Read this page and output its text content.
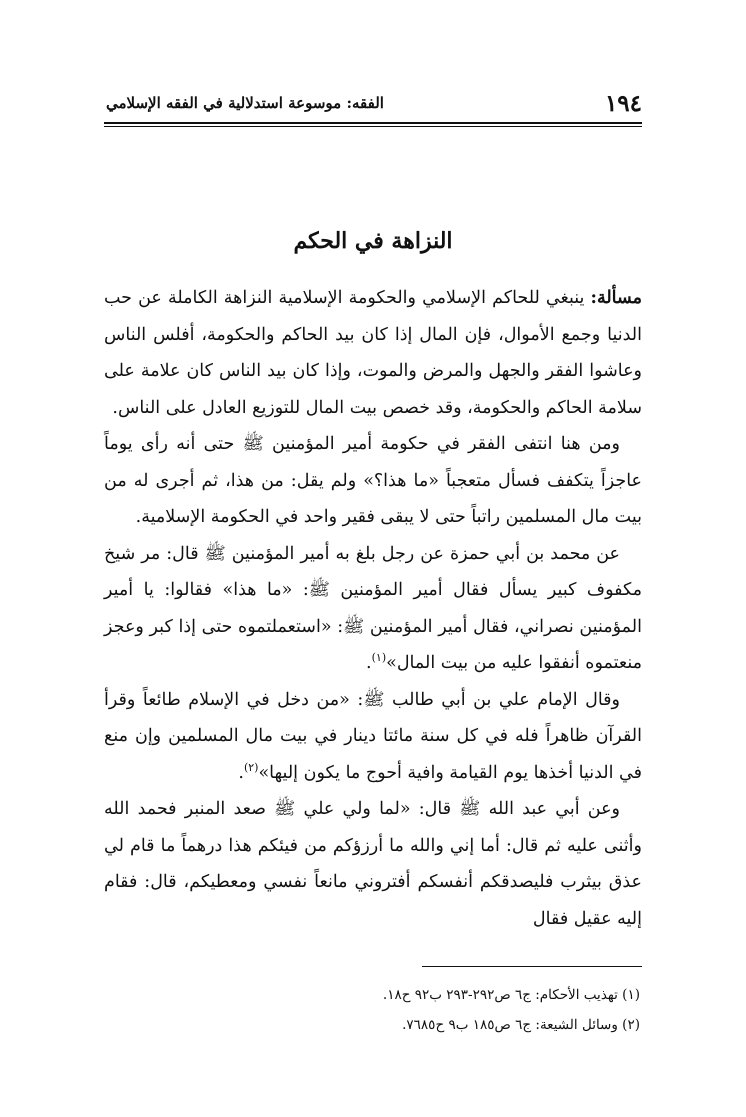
١٩٤
الفقه: موسوعة استدلالية في الفقه الإسلامي
النزاهة في الحكم

مسألة: ينبغي للحاكم الإسلامي والحكومة الإسلامية النزاهة الكاملة عن حب الدنيا وجمع الأموال، فإن المال إذا كان بيد الحاكم والحكومة، أفلس الناس وعاشوا الفقر والجهل والمرض والموت، وإذا كان بيد الناس كان علامة على سلامة الحاكم والحكومة، وقد خصص بيت المال للتوزيع العادل على الناس.

ومن هنا انتفى الفقر في حكومة أمير المؤمنين ﷺ حتى أنه رأى يوماً عاجزاً يتكفف فسأل متعجباً «ما هذا؟» ولم يقل: من هذا، ثم أجرى له من بيت مال المسلمين راتباً حتى لا يبقى فقير واحد في الحكومة الإسلامية.

عن محمد بن أبي حمزة عن رجل بلغ به أمير المؤمنين ﷺ قال: مر شيخ مكفوف كبير يسأل فقال أمير المؤمنين ﷺ: «ما هذا» فقالوا: يا أمير المؤمنين نصراني، فقال أمير المؤمنين ﷺ: «استعملتموه حتى إذا كبر وعجز منعتموه أنفقوا عليه من بيت المال»$^{(١)}$.

وقال الإمام علي بن أبي طالب ﷺ: «من دخل في الإسلام طائعاً وقرأ القرآن ظاهراً فله في كل سنة مائتا دينار في بيت مال المسلمين وإن منع في الدنيا أخذها يوم القيامة وافية أحوج ما يكون إليها»$^{(٢)}$.

وعن أبي عبد الله ﷺ قال: «لما ولي علي ﷺ صعد المنبر فحمد الله وأثنى عليه ثم قال: أما إني والله ما أرزؤكم من فيئكم هذا درهماً ما قام لي عذق بيثرب فليصدقكم أنفسكم أفتروني مانعاً نفسي ومعطيكم، قال: فقام إليه عقيل فقال

(١) تهذيب الأحكام: ج٦ ص٢٩٢-٢٩٣ ب٩٢ ح١٨.
(٢) وسائل الشيعة: ج٦ ص١٨٥ ب٩ ح٧٦٨٥.
